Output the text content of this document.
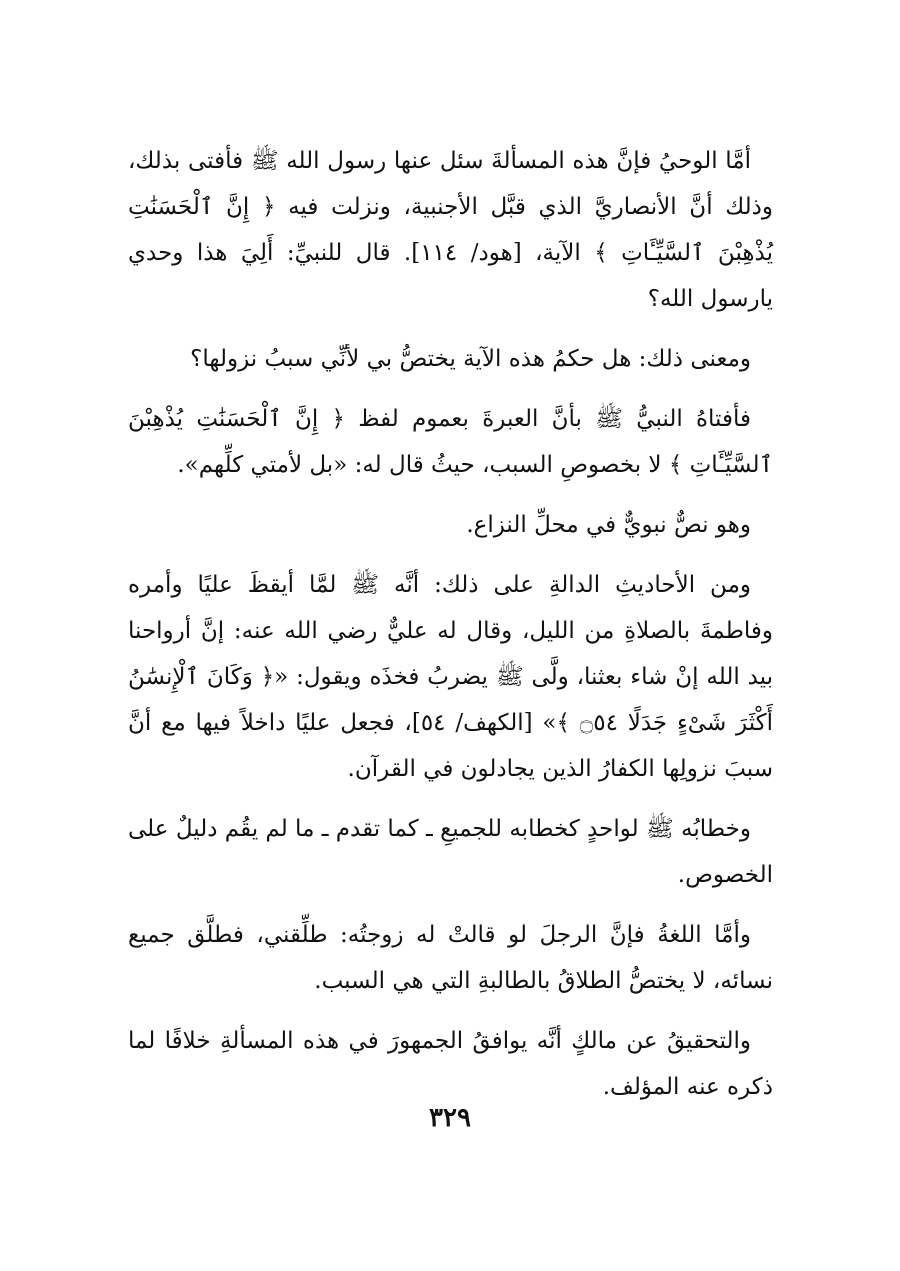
أمَّا الوحيُ فإنَّ هذه المسألةَ سئل عنها رسول الله ﷺ فأفتى بذلك، وذلك أنَّ الأنصاريَّ الذي قبَّل الأجنبية، ونزلت فيه ﴿ إِنَّ ٱلْحَسَنَٰتِ يُذْهِبْنَ ٱلسَّيِّـَٔاتِ ﴾ الآية، [هود/ ١١٤]. قال للنبيِّ: أَلِيَ هذا وحدي يارسول الله؟

ومعنى ذلك: هل حكمُ هذه الآية يختصُّ بي لأنِّي سببُ نزولها؟

فأفتاهُ النبيُّ ﷺ بأنَّ العبرةَ بعموم لفظ ﴿ إِنَّ ٱلْحَسَنَٰتِ يُذْهِبْنَ ٱلسَّيِّـَٔاتِ ﴾ لا بخصوصِ السبب، حيثُ قال له: «بل لأمتي كلِّهم».

وهو نصٌّ نبويٌّ في محلِّ النزاع.

ومن الأحاديثِ الدالةِ على ذلك: أنَّه ﷺ لمَّا أيقظَ عليًا وأمره وفاطمةَ بالصلاةِ من الليل، وقال له عليٌّ رضي الله عنه: إنَّ أرواحنا بيد الله إنْ شاء بعثنا، ولَّى ﷺ يضربُ فخذَه ويقول: «﴿ وَكَانَ ٱلْإِنسَٰنُ أَكْثَرَ شَىْءٍ جَدَلًا ۝٥٤ ﴾» [الكهف/ ٥٤]، فجعل عليًا داخلاً فيها مع أنَّ سببَ نزولِها الكفارُ الذين يجادلون في القرآن.

وخطابُه ﷺ لواحدٍ كخطابه للجميعِ ـ كما تقدم ـ ما لم يقُم دليلٌ على الخصوص.

وأمَّا اللغةُ فإنَّ الرجلَ لو قالتْ له زوجتُه: طلِّقني، فطلَّق جميع نسائه، لا يختصُّ الطلاقُ بالطالبةِ التي هي السبب.

والتحقيقُ عن مالكٍ أنَّه يوافقُ الجمهورَ في هذه المسألةِ خلافًا لما ذكره عنه المؤلف.

٣٢٩
